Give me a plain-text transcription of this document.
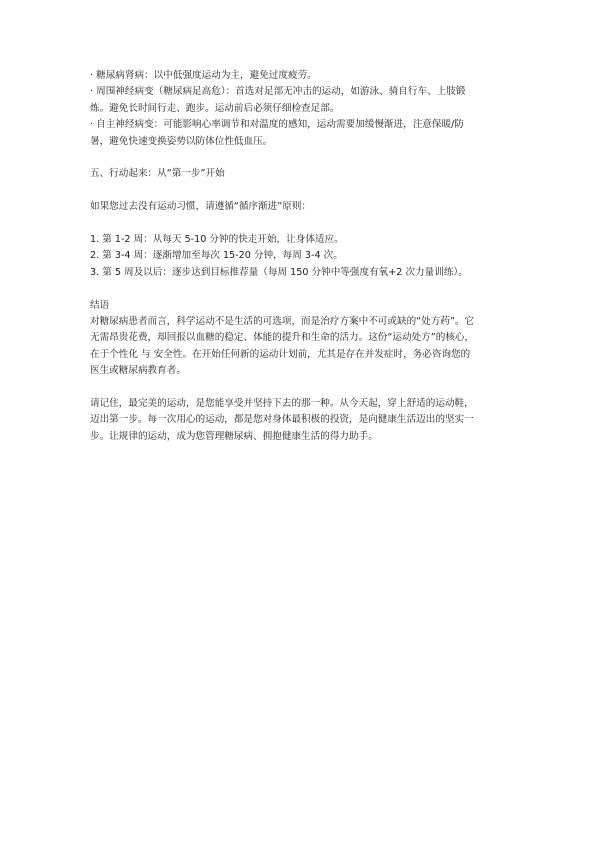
· 糖尿病肾病：以中低强度运动为主，避免过度疲劳。
· 周围神经病变（糖尿病足高危）：首选对足部无冲击的运动，如游泳、骑自行车、上肢锻
炼。避免长时间行走、跑步。运动前后必须仔细检查足部。
· 自主神经病变：可能影响心率调节和对温度的感知，运动需要加缓慢渐进，注意保暖/防
暑，避免快速变换姿势以防体位性低血压。
五、行动起来：从“第一步”开始
如果您过去没有运动习惯，请遵循“循序渐进”原则：
1. 第 1-2 周：从每天 5-10 分钟的快走开始，让身体适应。
2. 第 3-4 周：逐渐增加至每次 15-20 分钟，每周 3-4 次。
3. 第 5 周及以后：逐步达到目标推荐量（每周 150 分钟中等强度有氧+2 次力量训练）。
结语
对糖尿病患者而言，科学运动不是生活的可选项，而是治疗方案中不可或缺的“处方药”。它
无需昂贵花费，却回报以血糖的稳定、体能的提升和生命的活力。这份“运动处方”的核心，
在于个性化 与 安全性。在开始任何新的运动计划前，尤其是存在并发症时，务必咨询您的
医生或糖尿病教育者。
请记住，最完美的运动，是您能享受并坚持下去的那一种。从今天起，穿上舒适的运动鞋，
迈出第一步。每一次用心的运动，都是您对身体最积极的投资，是向健康生活迈出的坚实一
步。让规律的运动，成为您管理糖尿病、拥抱健康生活的得力助手。
